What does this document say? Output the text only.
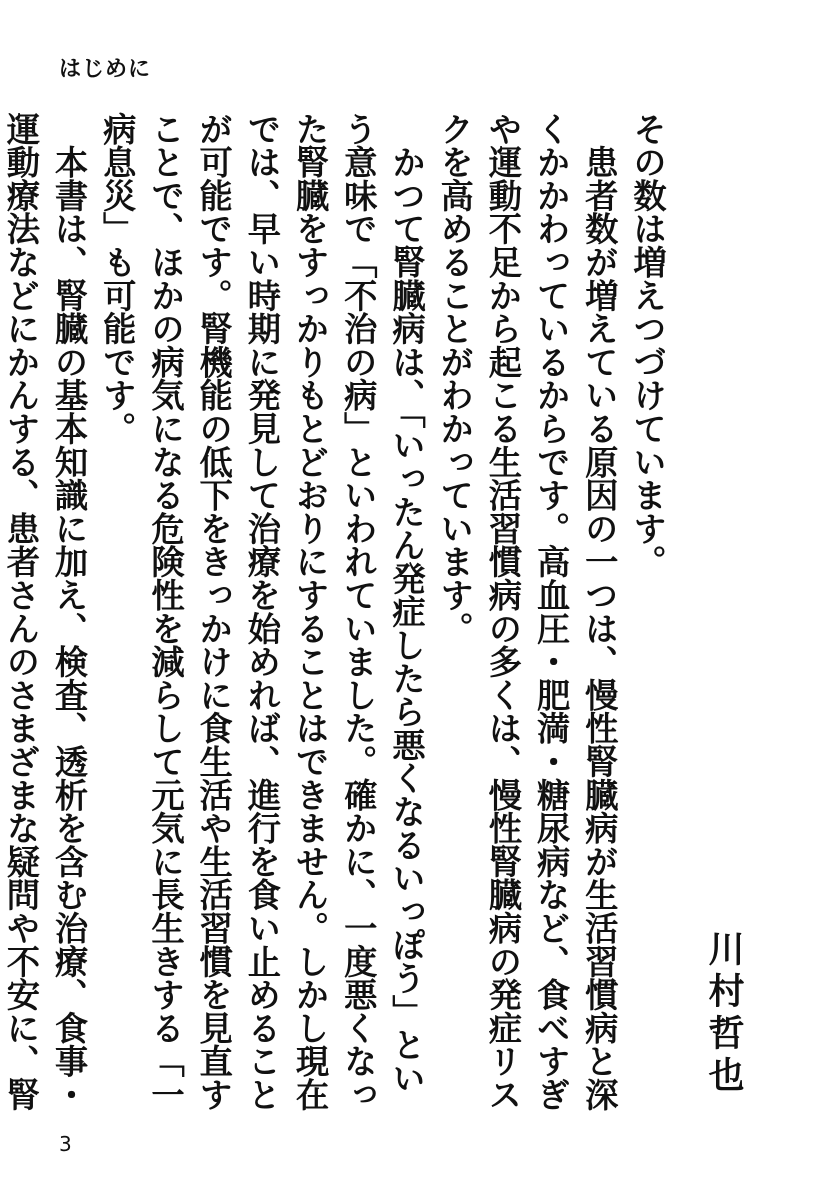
はじめに

その数は増えつづけています。

　患者数が増えている原因の一つは、慢性腎臓病が生活習慣病と深くかかわっているからです。高血圧・肥満・糖尿病など、食べすぎや運動不足から起こる生活習慣病の多くは、慢性腎臓病の発症リスクを高めることがわかっています。

　かつて腎臓病は、「いったん発症したら悪くなるいっぽう」という意味で「不治の病」といわれていました。確かに、一度悪くなった腎臓をすっかりもとどおりにすることはできません。しかし現在では、早い時期に発見して治療を始めれば、進行を食い止めることが可能です。腎機能の低下をきっかけに食生活や生活習慣を見直すことで、ほかの病気になる危険性を減らして元気に長生きする「一病息災」も可能です。

　本書は、腎臓の基本知識に加え、検査、透析を含む治療、食事・運動療法などにかんする、患者さんのさまざまな疑問や不安に、腎	川村哲也
3
